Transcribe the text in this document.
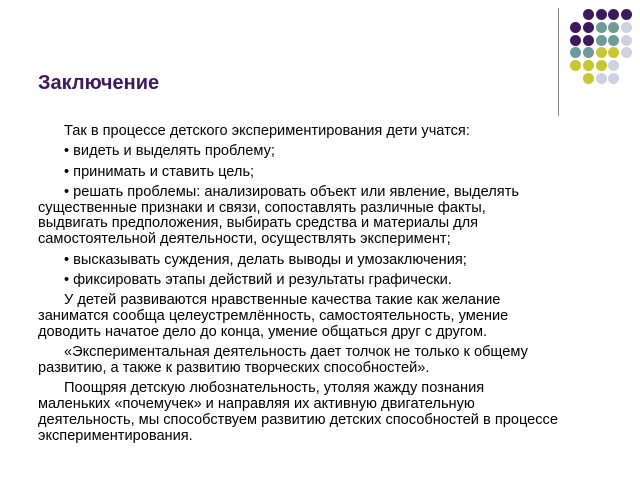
Заключение

Так в процессе детского экспериментирования дети учатся:

• видеть и выделять проблему;

• принимать и ставить цель;

• решать проблемы: анализировать объект или явление, выделять существенные признаки и связи, сопоставлять различные факты, выдвигать предположения, выбирать средства и материалы для самостоятельной деятельности, осуществлять эксперимент;

• высказывать суждения, делать выводы и умозаключения;

• фиксировать этапы действий и результаты графически.

У детей развиваются нравственные качества такие как желание заниматся сообща целеустремлённость, самостоятельность, умение доводить начатое дело до конца, умение общаться друг с другом.

«Экспериментальная деятельность дает толчок не только к общему развитию, а также к развитию творческих способностей».

Поощряя детскую любознательность, утоляя жажду познания маленьких «почемучек» и направляя их активную двигательную деятельность, мы способствуем развитию детских способностей в процессе экспериментирования.
